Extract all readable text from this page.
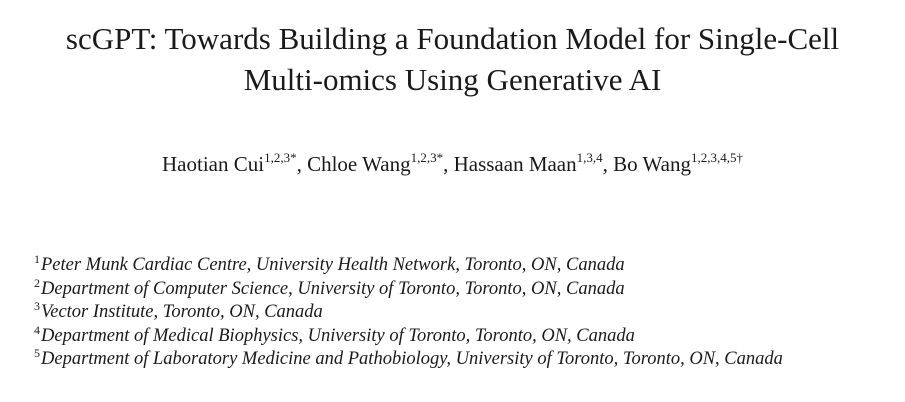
scGPT: Towards Building a Foundation Model for Single-Cell
Multi-omics Using Generative AI
Haotian Cui$^{1,2,3*}$, Chloe Wang$^{1,2,3*}$, Hassaan Maan$^{1,3,4}$, Bo Wang$^{1,2,3,4,5\dagger}$
$^1$Peter Munk Cardiac Centre, University Health Network, Toronto, ON, Canada
$^2$Department of Computer Science, University of Toronto, Toronto, ON, Canada
$^3$Vector Institute, Toronto, ON, Canada
$^4$Department of Medical Biophysics, University of Toronto, Toronto, ON, Canada
$^5$Department of Laboratory Medicine and Pathobiology, University of Toronto, Toronto, ON, Canada
